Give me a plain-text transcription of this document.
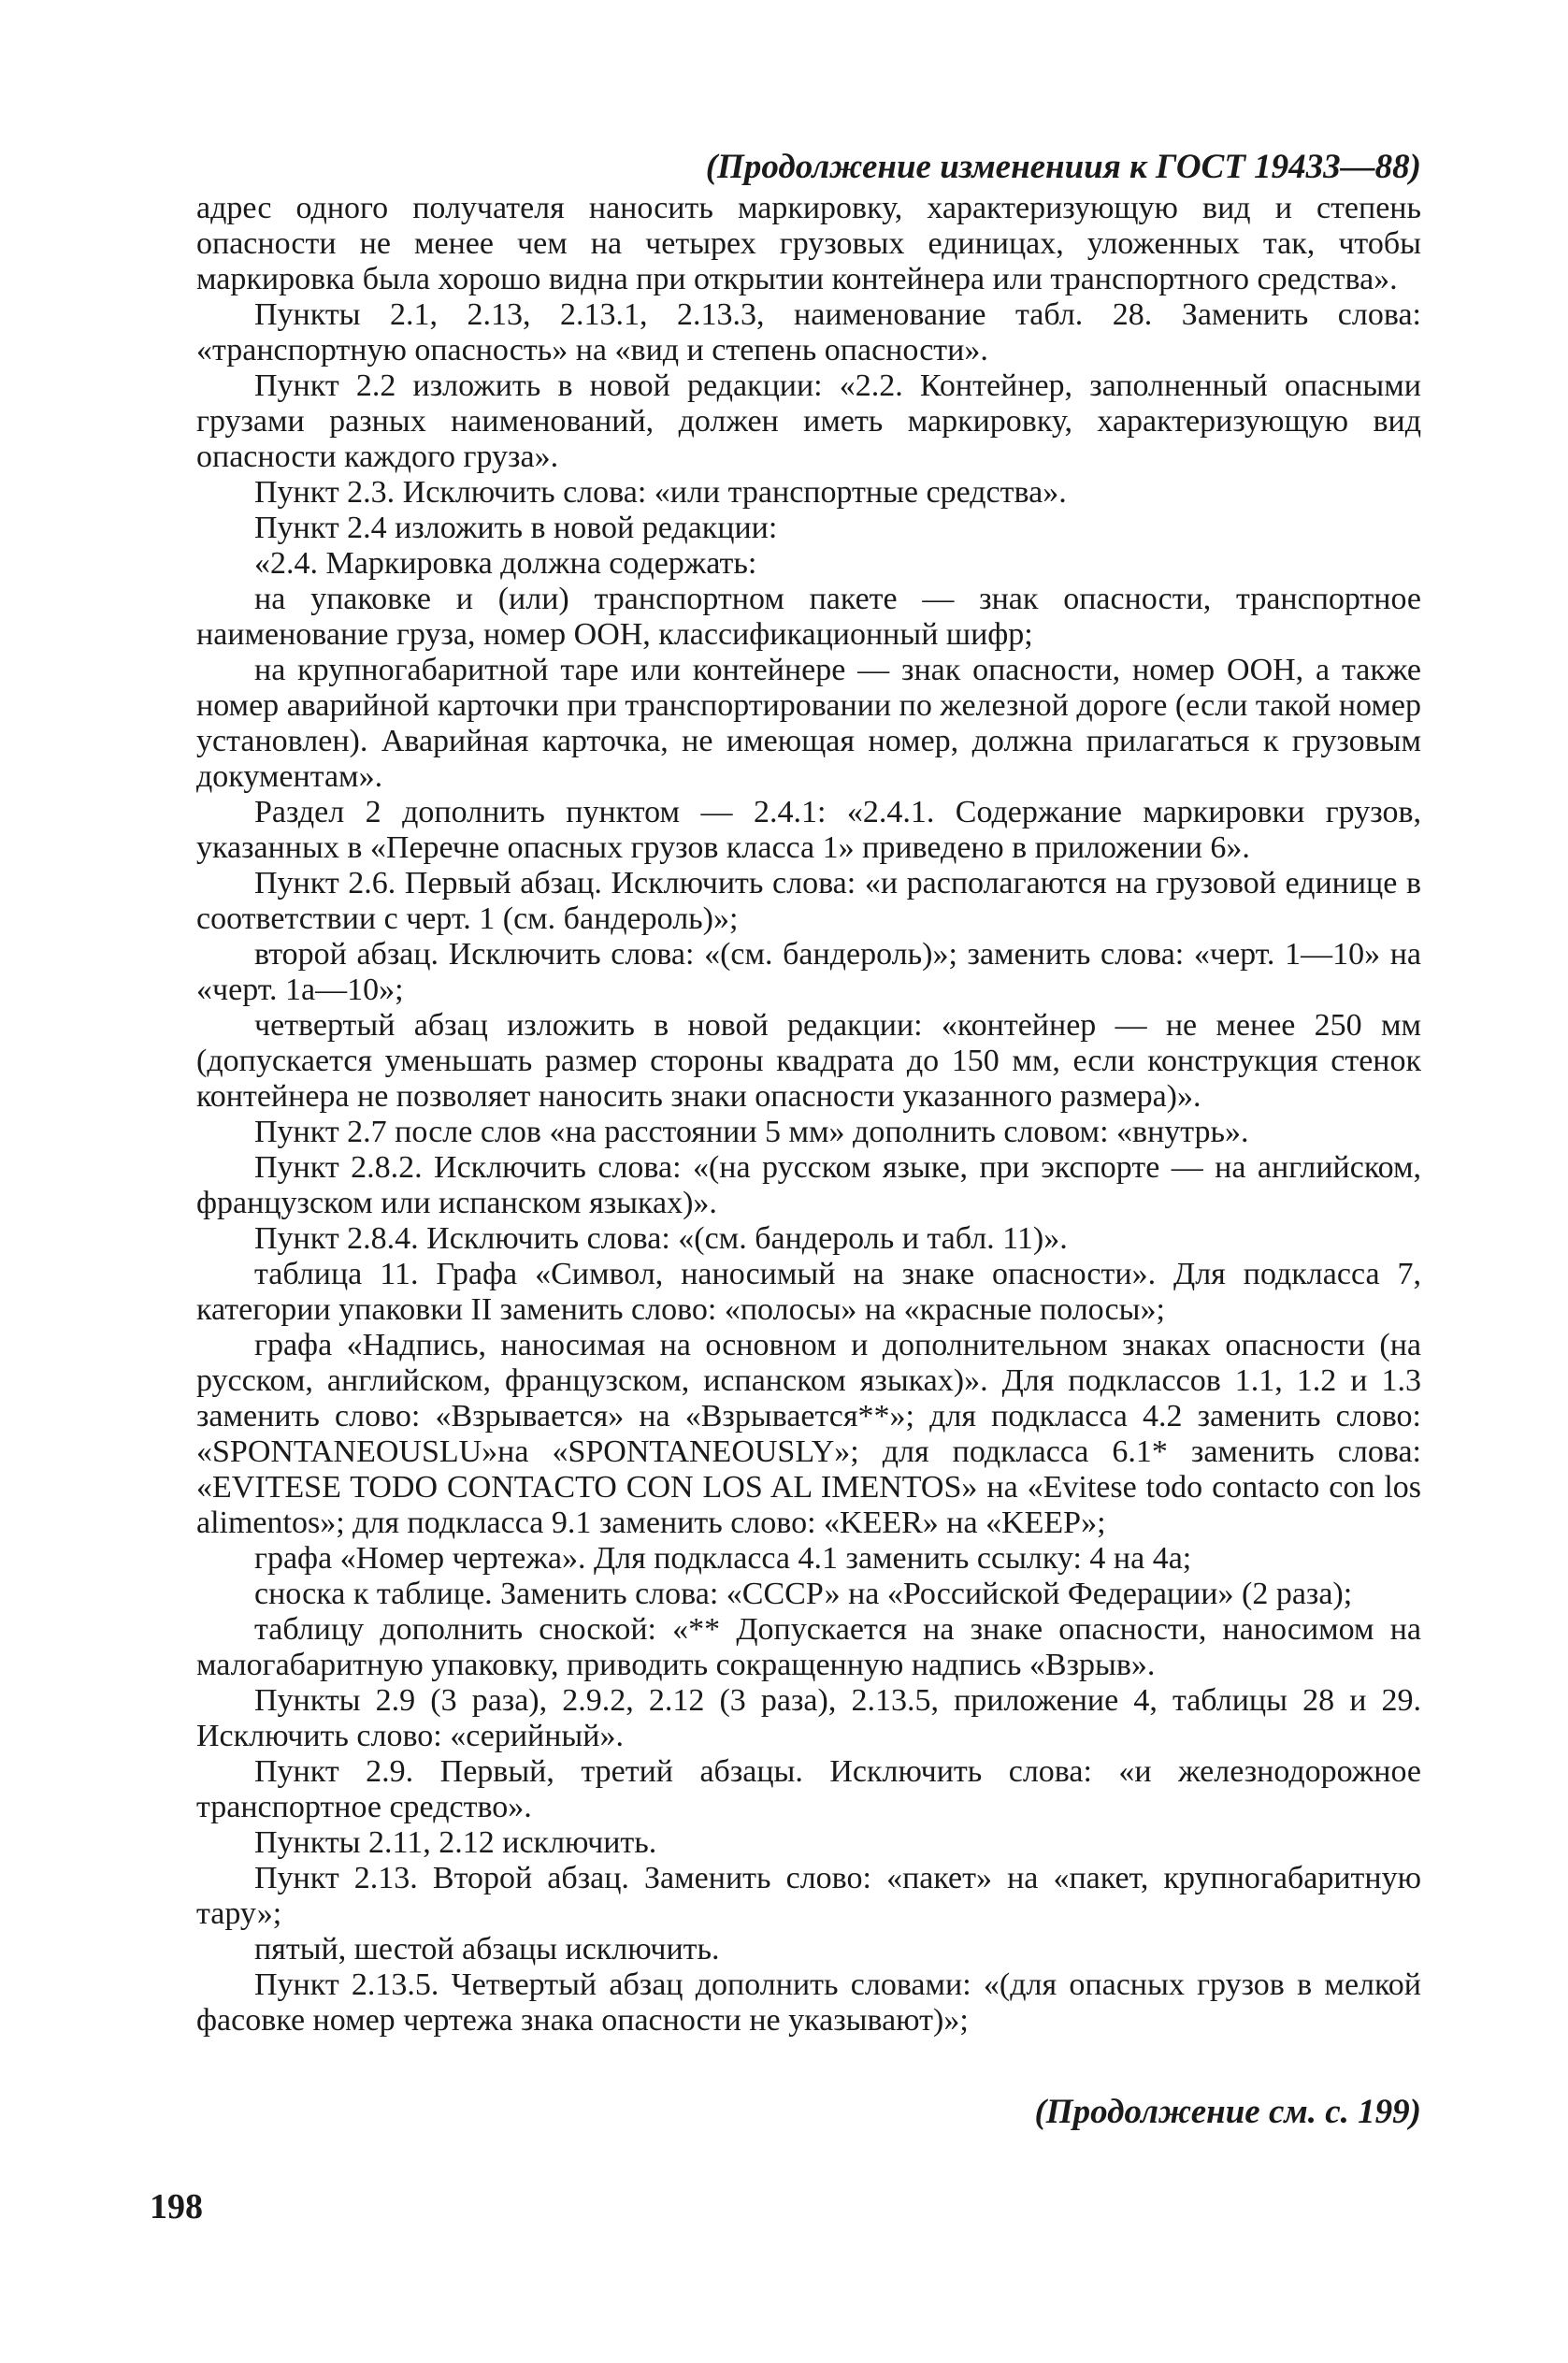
(Продолжение изменениия к ГОСТ 19433—88)

адрес одного получателя наносить маркировку, характеризующую вид и степень опасности не менее чем на четырех грузовых единицах, уложенных так, чтобы маркировка была хорошо видна при открытии контейнера или транспортного средства».

Пункты 2.1, 2.13, 2.13.1, 2.13.3, наименование табл. 28. Заменить слова: «транспортную опасность» на «вид и степень опасности».

Пункт 2.2 изложить в новой редакции: «2.2. Контейнер, заполненный опасными грузами разных наименований, должен иметь маркировку, характеризующую вид опасности каждого груза».

Пункт 2.3. Исключить слова: «или транспортные средства».

Пункт 2.4 изложить в новой редакции:

«2.4. Маркировка должна содержать:

на упаковке и (или) транспортном пакете — знак опасности, транспортное наименование груза, номер ООН, классификационный шифр;

на крупногабаритной таре или контейнере — знак опасности, номер ООН, а также номер аварийной карточки при транспортировании по железной дороге (если такой номер установлен). Аварийная карточка, не имеющая номер, должна прилагаться к грузовым документам».

Раздел 2 дополнить пунктом — 2.4.1: «2.4.1. Содержание маркировки грузов, указанных в «Перечне опасных грузов класса 1» приведено в приложении 6».

Пункт 2.6. Первый абзац. Исключить слова: «и располагаются на грузовой единице в соответствии с черт. 1 (см. бандероль)»;

второй абзац. Исключить слова: «(см. бандероль)»; заменить слова: «черт. 1—10» на «черт. 1а—10»;

четвертый абзац изложить в новой редакции: «контейнер — не менее 250 мм (допускается уменьшать размер стороны квадрата до 150 мм, если конструкция стенок контейнера не позволяет наносить знаки опасности указанного размера)».

Пункт 2.7 после слов «на расстоянии 5 мм» дополнить словом: «внутрь».

Пункт 2.8.2. Исключить слова: «(на русском языке, при экспорте — на английском, французском или испанском языках)».

Пункт 2.8.4. Исключить слова: «(см. бандероль и табл. 11)».

таблица 11. Графа «Символ, наносимый на знаке опасности». Для подкласса 7, категории упаковки II заменить слово: «полосы» на «красные полосы»;

графа «Надпись, наносимая на основном и дополнительном знаках опасности (на русском, английском, французском, испанском языках)». Для подклассов 1.1, 1.2 и 1.3 заменить слово: «Взрывается» на «Взрывается**»; для подкласса 4.2 заменить слово: «SPONTANEOUSLU»на «SPONTANEOUSLY»; для подкласса 6.1* заменить слова: «EVITESE TODO CONTACTO CON LOS AL IMENTOS» на «Evitese todo contacto con los alimentos»; для подкласса 9.1 заменить слово: «KEER» на «KEEP»;

графа «Номер чертежа». Для подкласса 4.1 заменить ссылку: 4 на 4а;

сноска к таблице. Заменить слова: «СССР» на «Российской Федерации» (2 раза);

таблицу дополнить сноской: «** Допускается на знаке опасности, наносимом на малогабаритную упаковку, приводить сокращенную надпись «Взрыв».

Пункты 2.9 (3 раза), 2.9.2, 2.12 (3 раза), 2.13.5, приложение 4, таблицы 28 и 29. Исключить слово: «серийный».

Пункт 2.9. Первый, третий абзацы. Исключить слова: «и железнодорожное транспортное средство».

Пункты 2.11, 2.12 исключить.

Пункт 2.13. Второй абзац. Заменить слово: «пакет» на «пакет, крупногабаритную тару»;

пятый, шестой абзацы исключить.

Пункт 2.13.5. Четвертый абзац дополнить словами: «(для опасных грузов в мелкой фасовке номер чертежа знака опасности не указывают)»;

(Продолжение см. с. 199)
198
